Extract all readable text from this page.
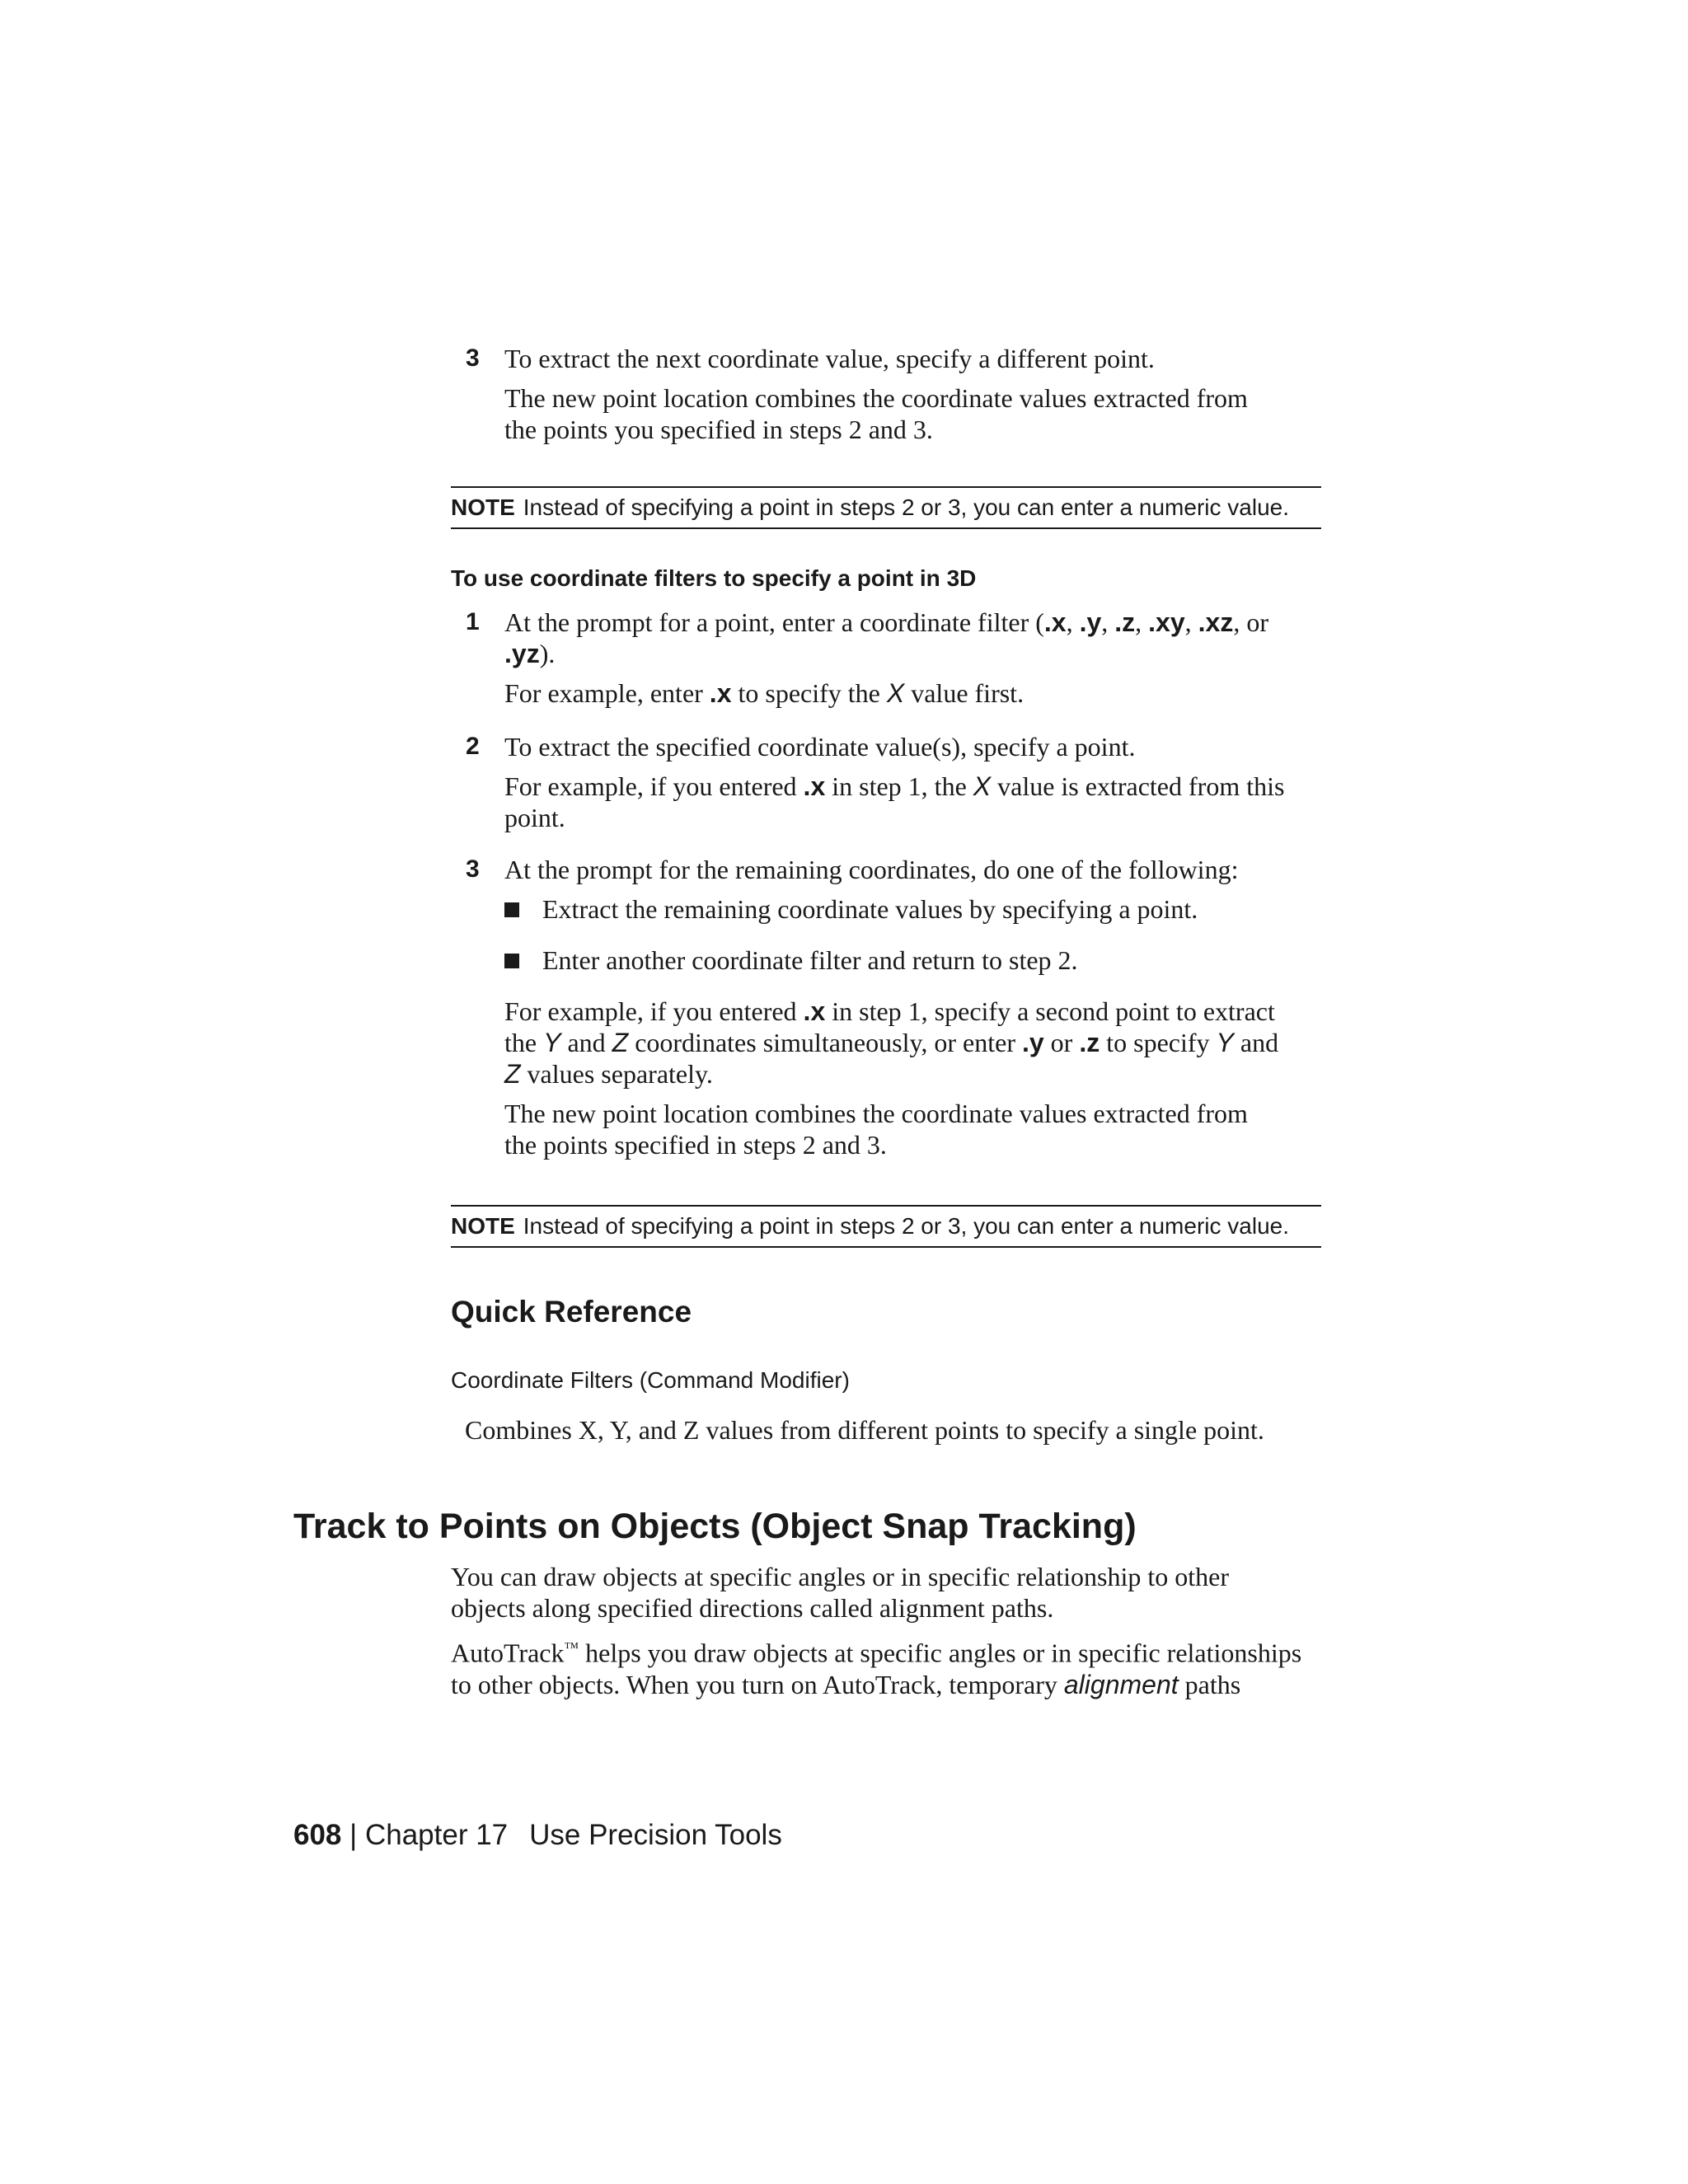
3 To extract the next coordinate value, specify a different point.

The new point location combines the coordinate values extracted from

the points you specified in steps 2 and 3.

NOTE Instead of specifying a point in steps 2 or 3, you can enter a numeric value.
To use coordinate filters to specify a point in 3D
1 At the prompt for a point, enter a coordinate filter (.x, .y, .z, .xy, .xz, or

.yz).

For example, enter .x to specify the X value first.

2 To extract the specified coordinate value(s), specify a point.

For example, if you entered .x in step 1, the X value is extracted from this

point.

3 At the prompt for the remaining coordinates, do one of the following:

Extract the remaining coordinate values by specifying a point.
Enter another coordinate filter and return to step 2.

For example, if you entered .x in step 1, specify a second point to extract

the Y and Z coordinates simultaneously, or enter .y or .z to specify Y and

Z values separately.

The new point location combines the coordinate values extracted from

the points specified in steps 2 and 3.

NOTE Instead of specifying a point in steps 2 or 3, you can enter a numeric value.
Quick Reference
Coordinate Filters (Command Modifier)
Combines X, Y, and Z values from different points to specify a single point.
Track to Points on Objects (Object Snap Tracking)

You can draw objects at specific angles or in specific relationship to other

objects along specified directions called alignment paths.

AutoTrack™ helps you draw objects at specific angles or in specific relationships

to other objects. When you turn on AutoTrack, temporary alignment paths

608 | Chapter 17 Use Precision Tools
